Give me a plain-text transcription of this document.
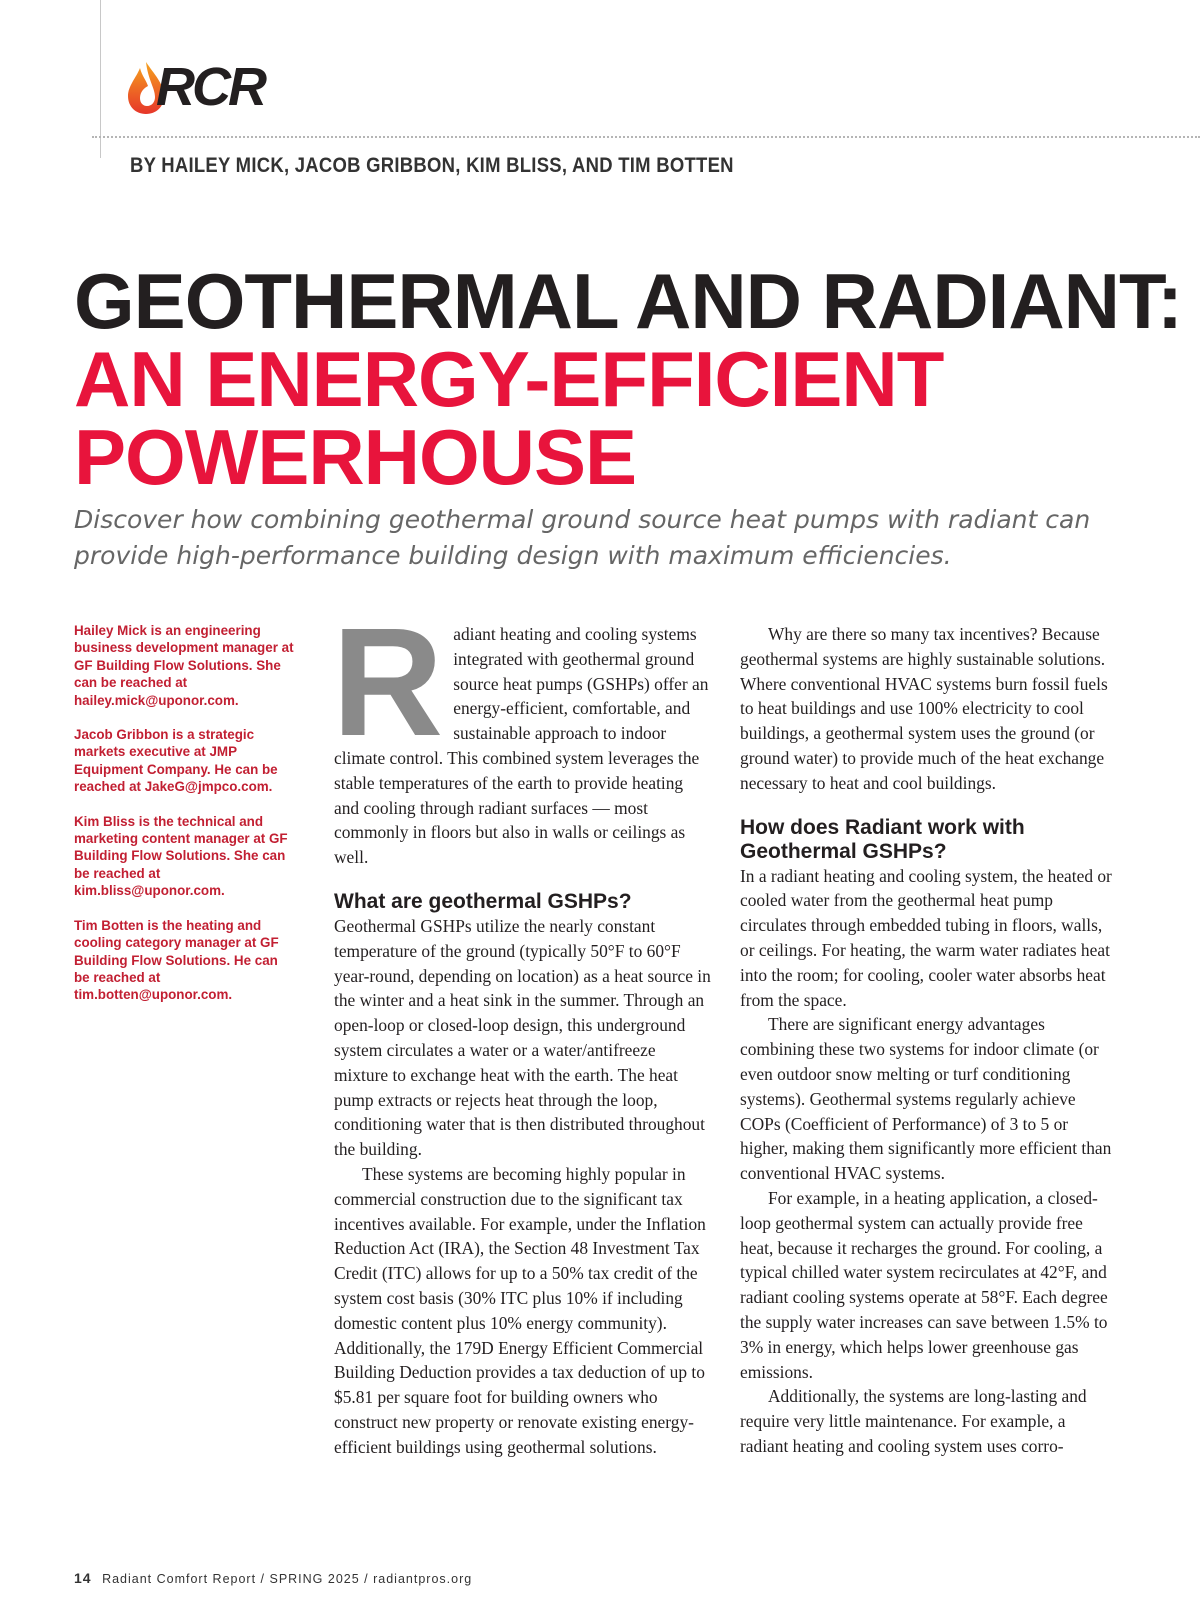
RCR
BY HAILEY MICK, JACOB GRIBBON, KIM BLISS, AND TIM BOTTEN
GEOTHERMAL AND RADIANT: AN ENERGY-EFFICIENT POWERHOUSE

Discover how combining geothermal ground source heat pumps with radiant can provide high-performance building design with maximum efficiencies.

Hailey Mick is an engineering business development manager at GF Building Flow Solutions. She can be reached at hailey.mick@uponor.com.

Jacob Gribbon is a strategic markets executive at JMP Equipment Company. He can be reached at JakeG@jmpco.com.

Kim Bliss is the technical and marketing content manager at GF Building Flow Solutions. She can be reached at kim.bliss@uponor.com.

Tim Botten is the heating and cooling category manager at GF Building Flow Solutions. He can be reached at tim.botten@uponor.com.

R adiant heating and cooling systems integrated with geothermal ground source heat pumps (GSHPs) offer an energy-efficient, comfortable, and sustainable approach to indoor climate control. This combined system leverages the stable temperatures of the earth to provide heating and cooling through radiant surfaces — most commonly in floors but also in walls or ceilings as well.

What are geothermal GSHPs?

Geothermal GSHPs utilize the nearly constant temperature of the ground (typically 50°F to 60°F year-round, depending on location) as a heat source in the winter and a heat sink in the summer. Through an open-loop or closed-loop design, this underground system circulates a water or a water/antifreeze mixture to exchange heat with the earth. The heat pump extracts or rejects heat through the loop, conditioning water that is then distributed throughout the building.

These systems are becoming highly popular in commercial construction due to the significant tax incentives available. For example, under the Inflation Reduction Act (IRA), the Section 48 Investment Tax Credit (ITC) allows for up to a 50% tax credit of the system cost basis (30% ITC plus 10% if including domestic content plus 10% energy community). Additionally, the 179D Energy Efficient Commercial Building Deduction provides a tax deduction of up to $5.81 per square foot for building owners who construct new property or renovate existing energy-efficient buildings using geothermal solutions.

Why are there so many tax incentives? Because geothermal systems are highly sustainable solutions. Where conventional HVAC systems burn fossil fuels to heat buildings and use 100% electricity to cool buildings, a geothermal system uses the ground (or ground water) to provide much of the heat exchange necessary to heat and cool buildings.

How does Radiant work with Geothermal GSHPs?

In a radiant heating and cooling system, the heated or cooled water from the geothermal heat pump circulates through embedded tubing in floors, walls, or ceilings. For heating, the warm water radiates heat into the room; for cooling, cooler water absorbs heat from the space.

There are significant energy advantages combining these two systems for indoor climate (or even outdoor snow melting or turf conditioning systems). Geothermal systems regularly achieve COPs (Coefficient of Performance) of 3 to 5 or higher, making them significantly more efficient than conventional HVAC systems.

For example, in a heating application, a closed-loop geothermal system can actually provide free heat, because it recharges the ground. For cooling, a typical chilled water system recirculates at 42°F, and radiant cooling systems operate at 58°F. Each degree the supply water increases can save between 1.5% to 3% in energy, which helps lower greenhouse gas emissions.

Additionally, the systems are long-lasting and require very little maintenance. For example, a radiant heating and cooling system uses corro-

14 Radiant Comfort Report / SPRING 2025 / radiantpros.org
